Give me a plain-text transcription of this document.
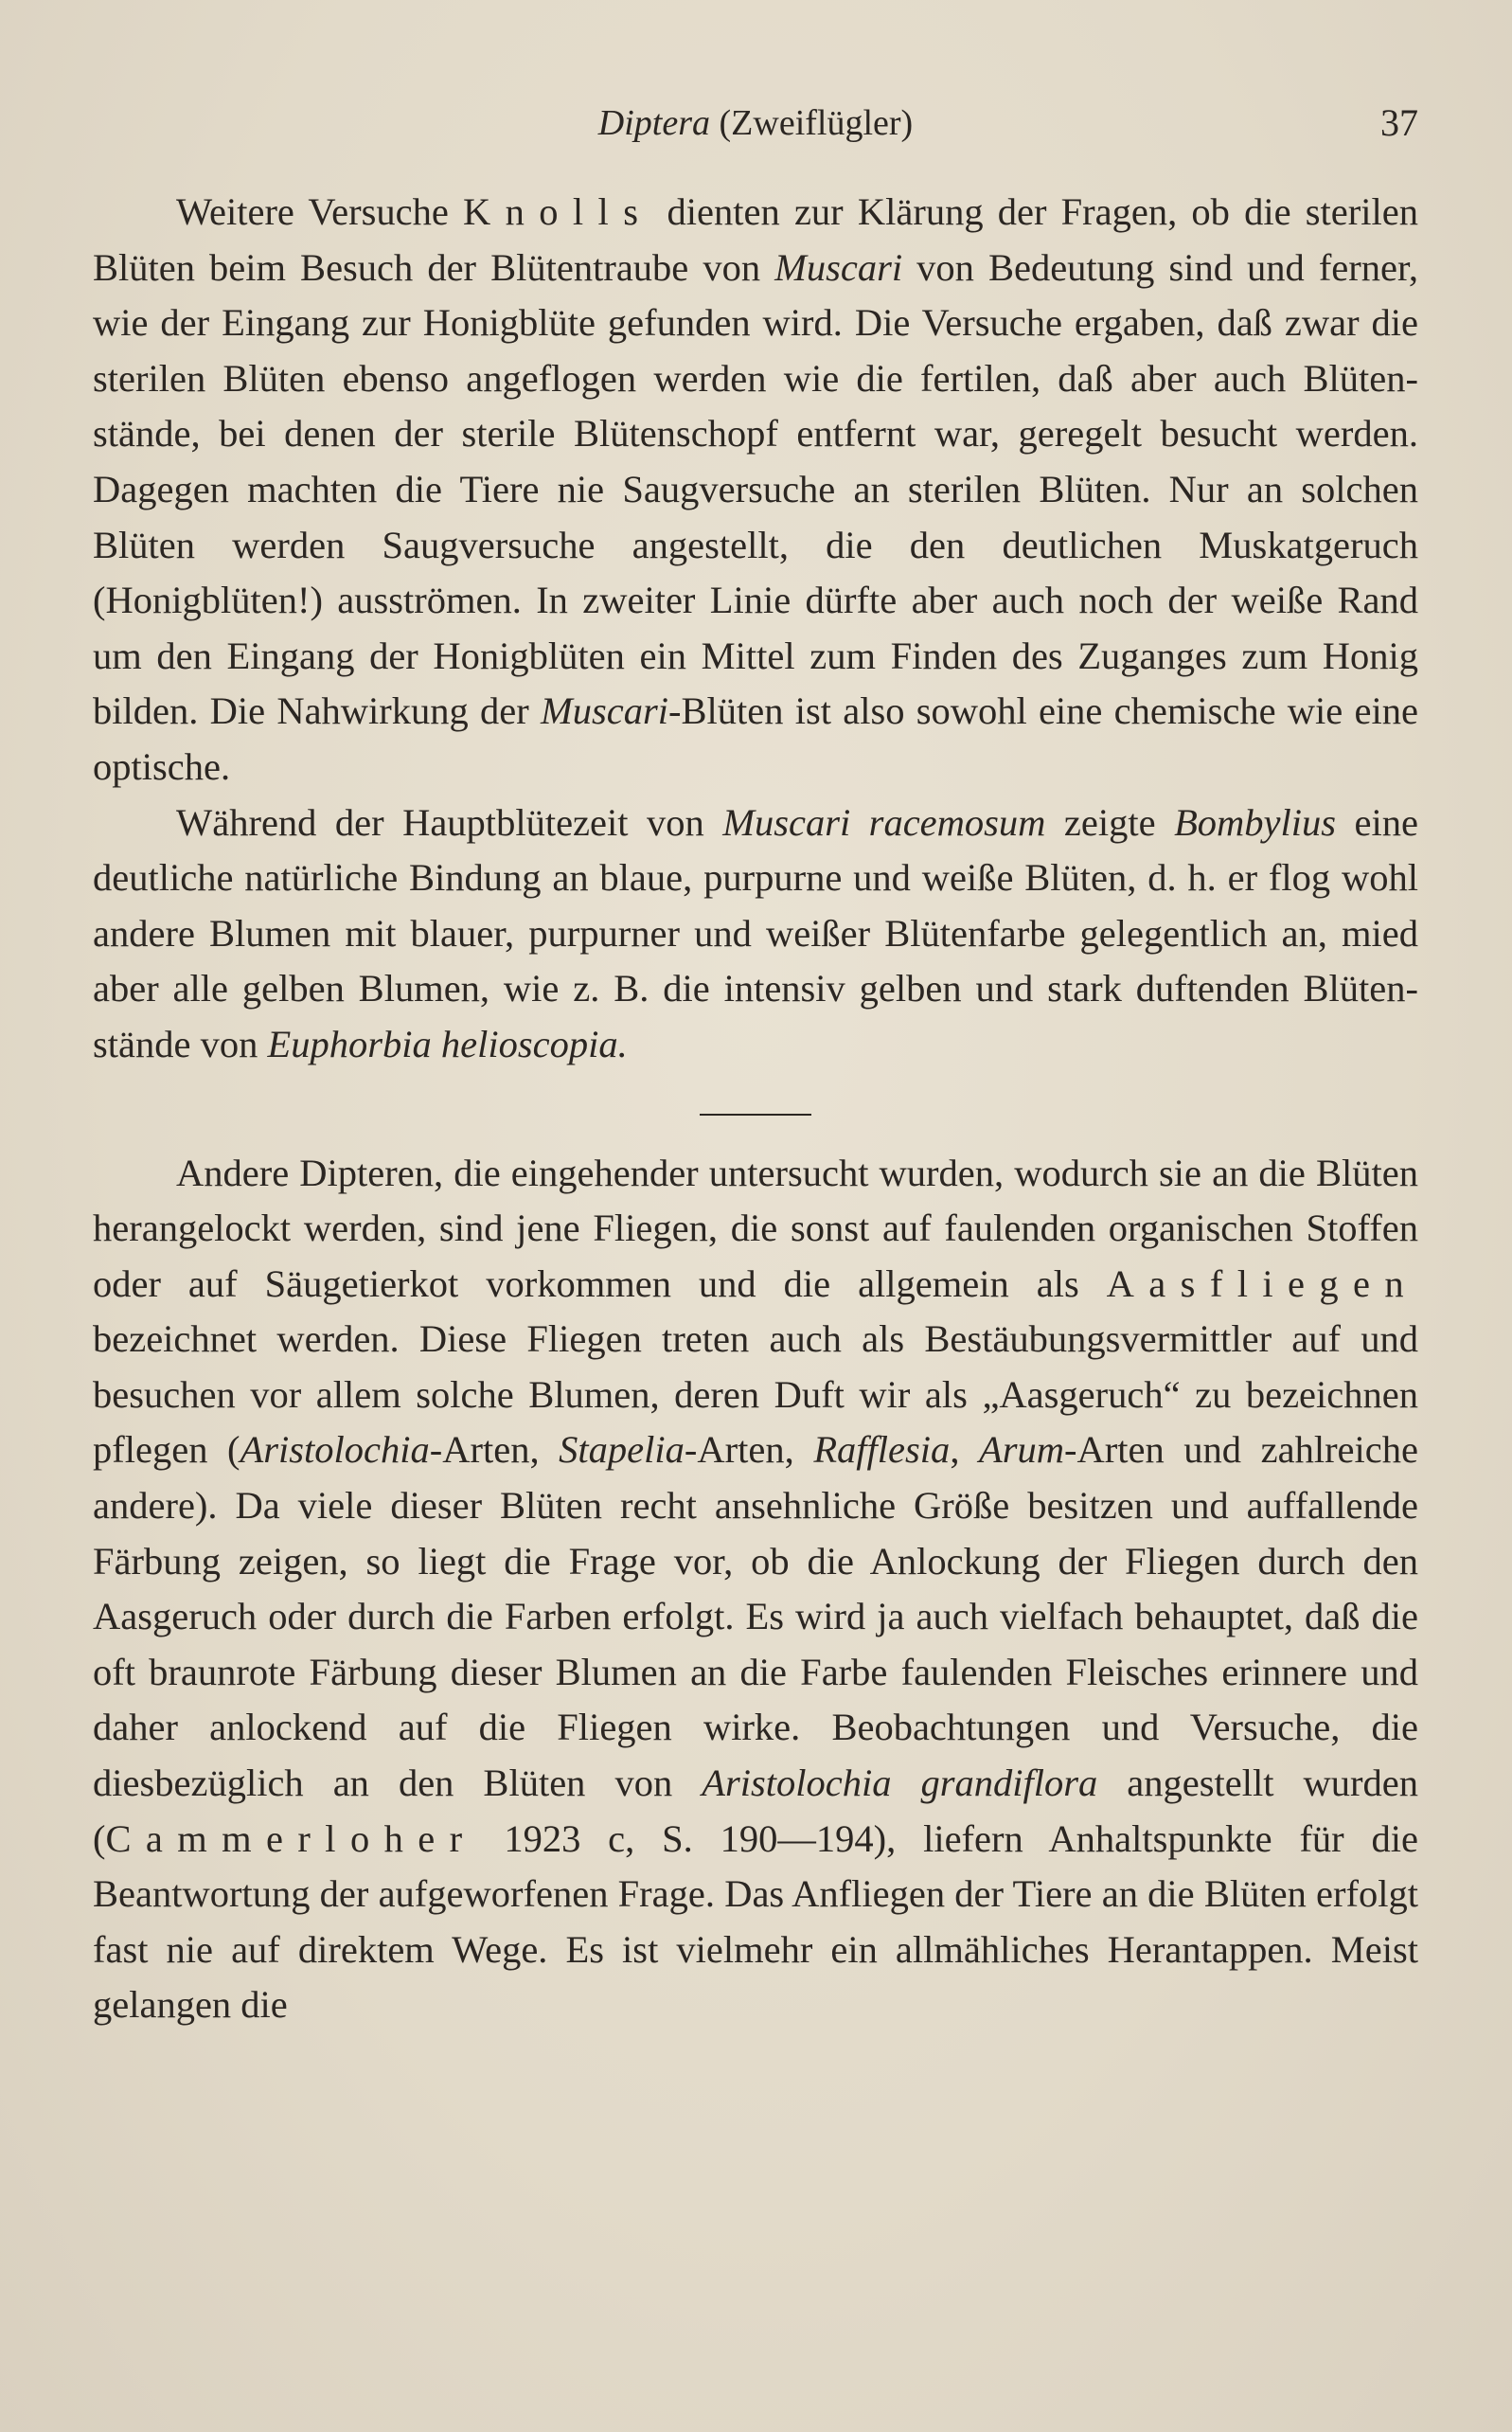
Diptera (Zweiflügler)	37

Weitere Versuche Knolls dienten zur Klärung der Fragen, ob die sterilen Blüten beim Besuch der Blütentraube von Muscari von Bedeutung sind und ferner, wie der Eingang zur Honigblüte gefunden wird. Die Versuche ergaben, daß zwar die sterilen Blüten ebenso angeflogen werden wie die fertilen, daß aber auch Blütenstände, bei denen der sterile Blütenschopf entfernt war, geregelt besucht werden. Dagegen machten die Tiere nie Saugversuche an sterilen Blüten. Nur an solchen Blüten werden Saugversuche angestellt, die den deutlichen Muskatgeruch (Honigblüten!) ausströmen. In zweiter Linie dürfte aber auch noch der weiße Rand um den Eingang der Honigblüten ein Mittel zum Finden des Zuganges zum Honig bilden. Die Nahwirkung der Muscari-Blüten ist also sowohl eine chemische wie eine optische.

Während der Hauptblütezeit von Muscari racemosum zeigte Bombylius eine deutliche natürliche Bindung an blaue, purpurne und weiße Blüten, d. h. er flog wohl andere Blumen mit blauer, purpurner und weißer Blütenfarbe gelegentlich an, mied aber alle gelben Blumen, wie z. B. die intensiv gelben und stark duftenden Blütenstände von Euphorbia helioscopia.

Andere Dipteren, die eingehender untersucht wurden, wodurch sie an die Blüten herangelockt werden, sind jene Fliegen, die sonst auf faulenden organischen Stoffen oder auf Säugetierkot vorkommen und die allgemein als Aasfliegen bezeichnet werden. Diese Fliegen treten auch als Bestäubungsvermittler auf und besuchen vor allem solche Blumen, deren Duft wir als „Aasgeruch“ zu bezeichnen pflegen (Aristolochia-Arten, Stapelia-Arten, Rafflesia, Arum-Arten und zahlreiche andere). Da viele dieser Blüten recht ansehnliche Größe besitzen und auffallende Färbung zeigen, so liegt die Frage vor, ob die Anlockung der Fliegen durch den Aasgeruch oder durch die Farben erfolgt. Es wird ja auch vielfach behauptet, daß die oft braunrote Färbung dieser Blumen an die Farbe faulenden Fleisches erinnere und daher anlockend auf die Fliegen wirke. Beobachtungen und Versuche, die diesbezüglich an den Blüten von Aristolochia grandiflora angestellt wurden (Cammerloher 1923 c, S. 190—194), liefern Anhaltspunkte für die Beantwortung der aufgeworfenen Frage. Das Anfliegen der Tiere an die Blüten erfolgt fast nie auf direktem Wege. Es ist vielmehr ein allmähliches Herantappen. Meist gelangen die
